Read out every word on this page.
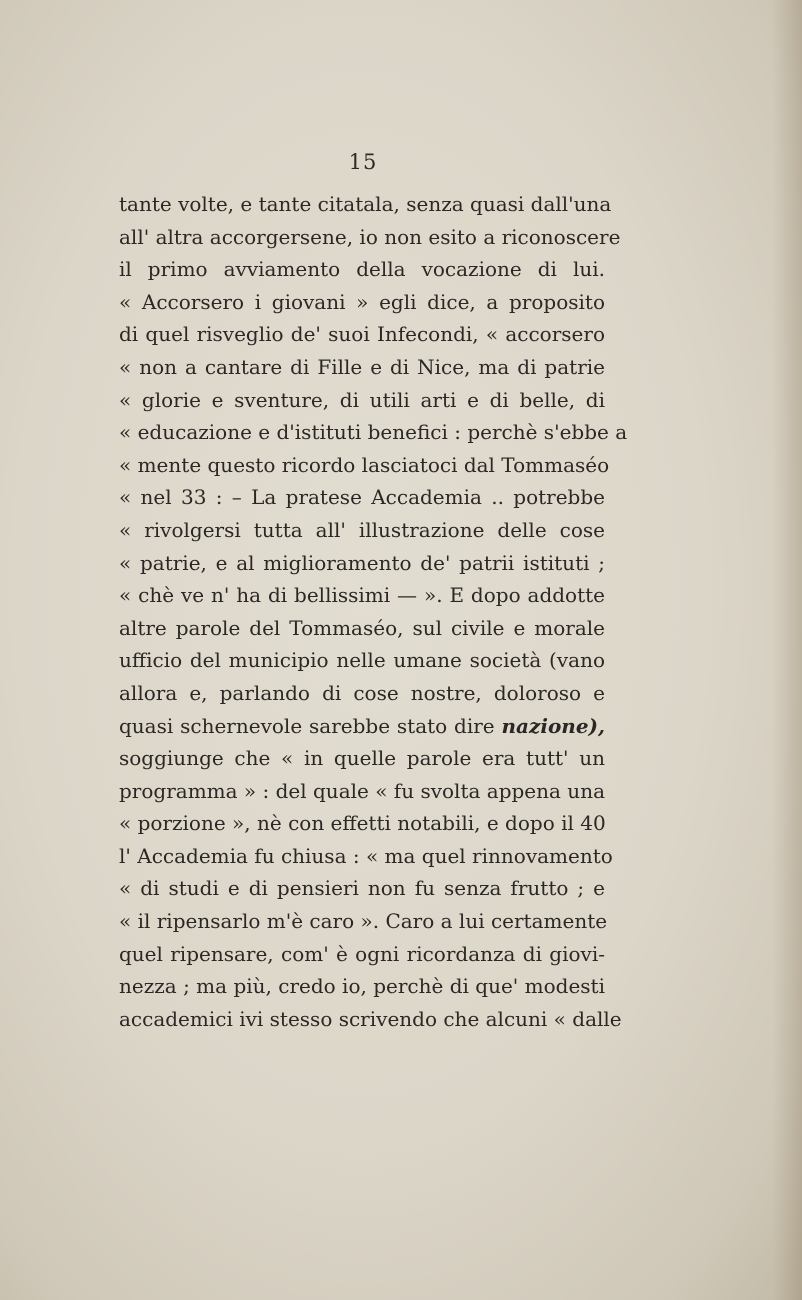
15
tante volte, e tante citatala, senza quasi dall'una
all' altra accorgersene, io non esito a riconoscere
il primo avviamento della vocazione di lui.
« Accorsero i giovani » egli dice, a proposito
di quel risveglio de' suoi Infecondi, « accorsero
« non a cantare di Fille e di Nice, ma di patrie
« glorie e sventure, di utili arti e di belle, di
« educazione e d'istituti benefici : perchè s'ebbe a
« mente questo ricordo lasciatoci dal Tommaséo
« nel 33 : – La pratese Accademia .. potrebbe
« rivolgersi tutta all' illustrazione delle cose
« patrie, e al miglioramento de' patrii istituti ;
« chè ve n' ha di bellissimi — ». E dopo addotte
altre parole del Tommaséo, sul civile e morale
ufficio del municipio nelle umane società (vano
allora e, parlando di cose nostre, doloroso e
quasi schernevole sarebbe stato dire nazione),
soggiunge che « in quelle parole era tutt' un
programma » : del quale « fu svolta appena una
« porzione », nè con effetti notabili, e dopo il 40
l' Accademia fu chiusa : « ma quel rinnovamento
« di studi e di pensieri non fu senza frutto ; e
« il ripensarlo m'è caro ». Caro a lui certamente
quel ripensare, com' è ogni ricordanza di giovi-
nezza ; ma più, credo io, perchè di que' modesti
accademici ivi stesso scrivendo che alcuni « dalle
